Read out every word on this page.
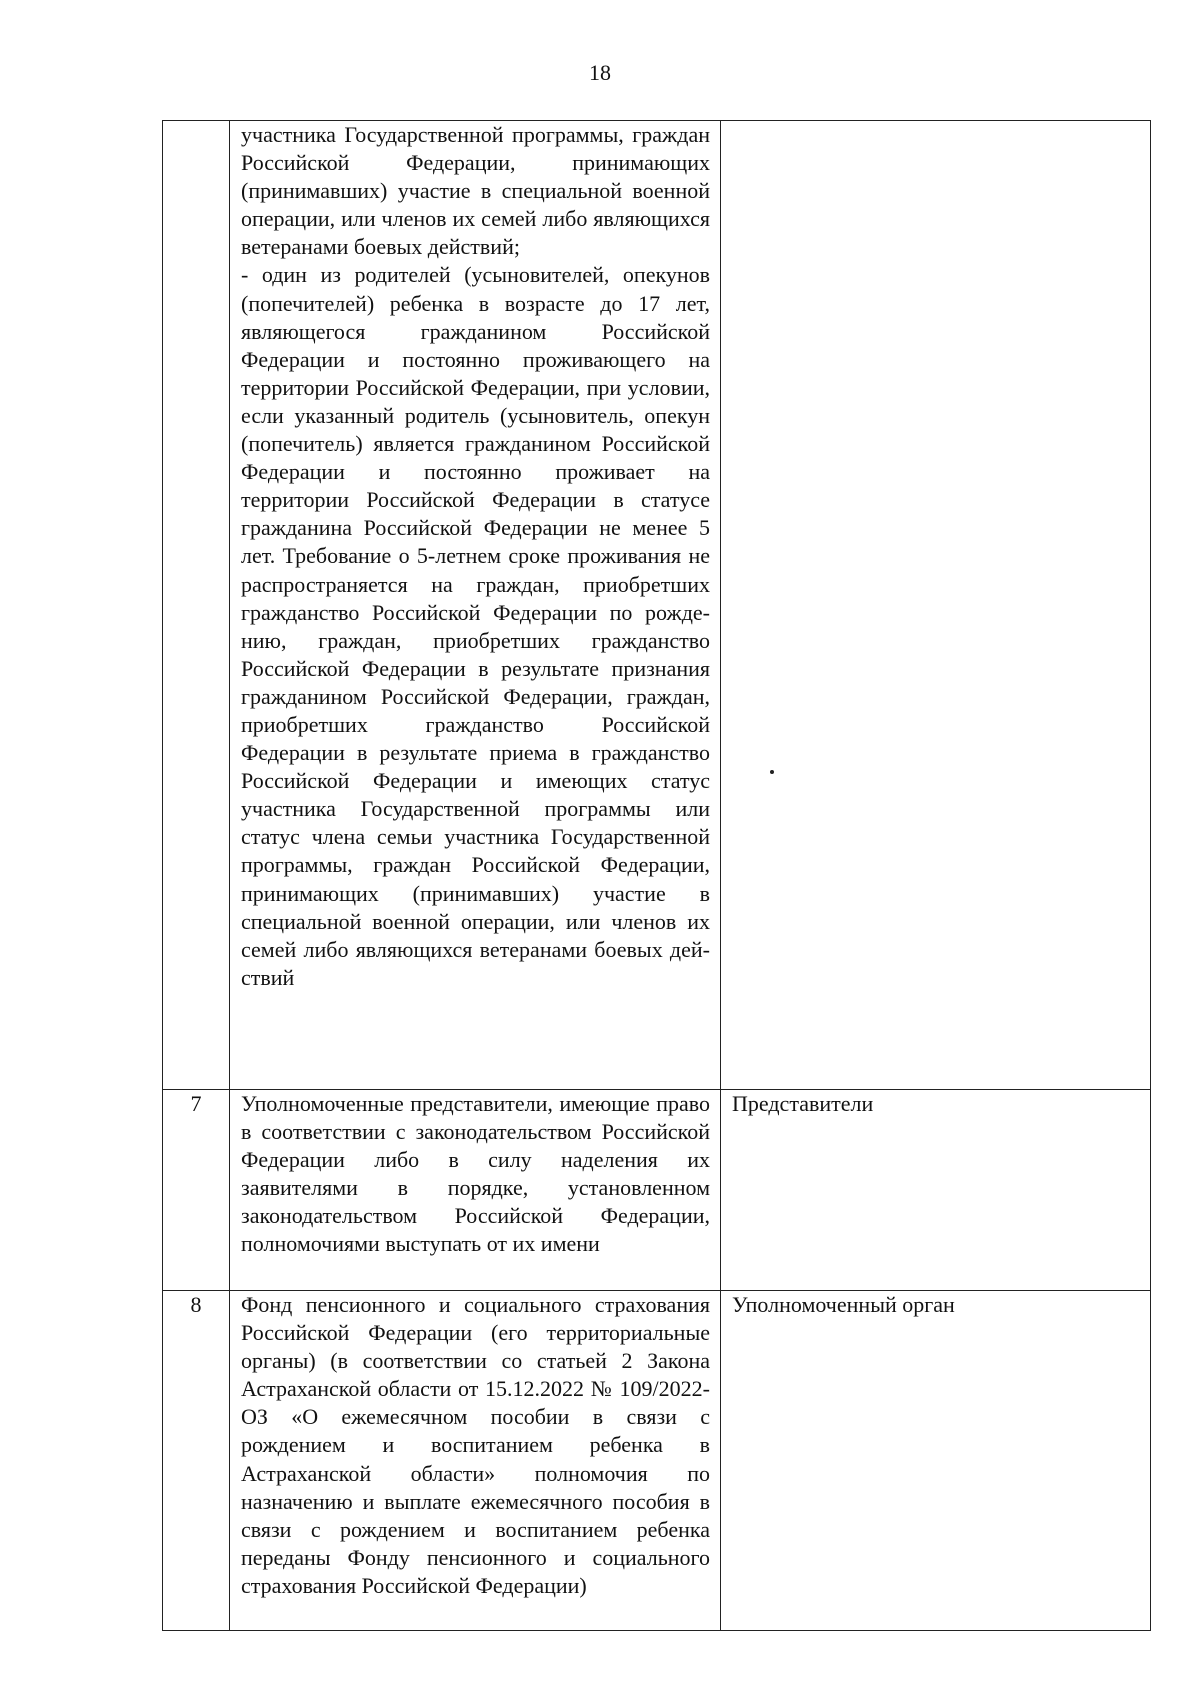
18

	участника Государственной программы, граждан Российской Федерации, принимающих (принимавших) участие в специальной военной операции, или членов их семей либо являющихся ветеранами боевых действий;
- один из родителей (усыновителей, опекунов (попечителей) ребенка в возрасте до 17 лет, являющегося гражданином Российской Федерации и постоянно проживающего на территории Российской Федерации, при условии, если указанный родитель (усыновитель, опекун (попечитель) является гражданином Российской Федерации и постоянно проживает на территории Российской Федерации в статусе гражданина Российской Федерации не менее 5 лет. Требование о 5-летнем сроке проживания не распространяется на граждан, приобретших гражданство Российской Федерации по рождению, граждан, приобретших гражданство Российской Федерации в результате признания гражданином Российской Федерации, граждан, приобретших гражданство Российской Федерации в результате приема в гражданство Российской Федерации и имеющих статус участника Государственной программы или статус члена семьи участника Государственной программы, граждан Российской Федерации, принимающих (принимавших) участие в специальной военной операции, или членов их семей либо являющихся ветеранами боевых действий	

7	Уполномоченные представители, имеющие право в соответствии с законодательством Российской Федерации либо в силу наделения их заявителями в порядке, установленном законодательством Российской Федерации, полномочиями выступать от их имени	Представители

8	Фонд пенсионного и социального страхования Российской Федерации (его территориальные органы) (в соответствии со статьей 2 Закона Астраханской области от 15.12.2022 № 109/2022-ОЗ «О ежемесячном пособии в связи с рождением и воспитанием ребенка в Астраханской области» полномочия по назначению и выплате ежемесячного пособия в связи с рождением и воспитанием ребенка переданы Фонду пенсионного и социального страхования Российской Федерации)	Уполномоченный орган
